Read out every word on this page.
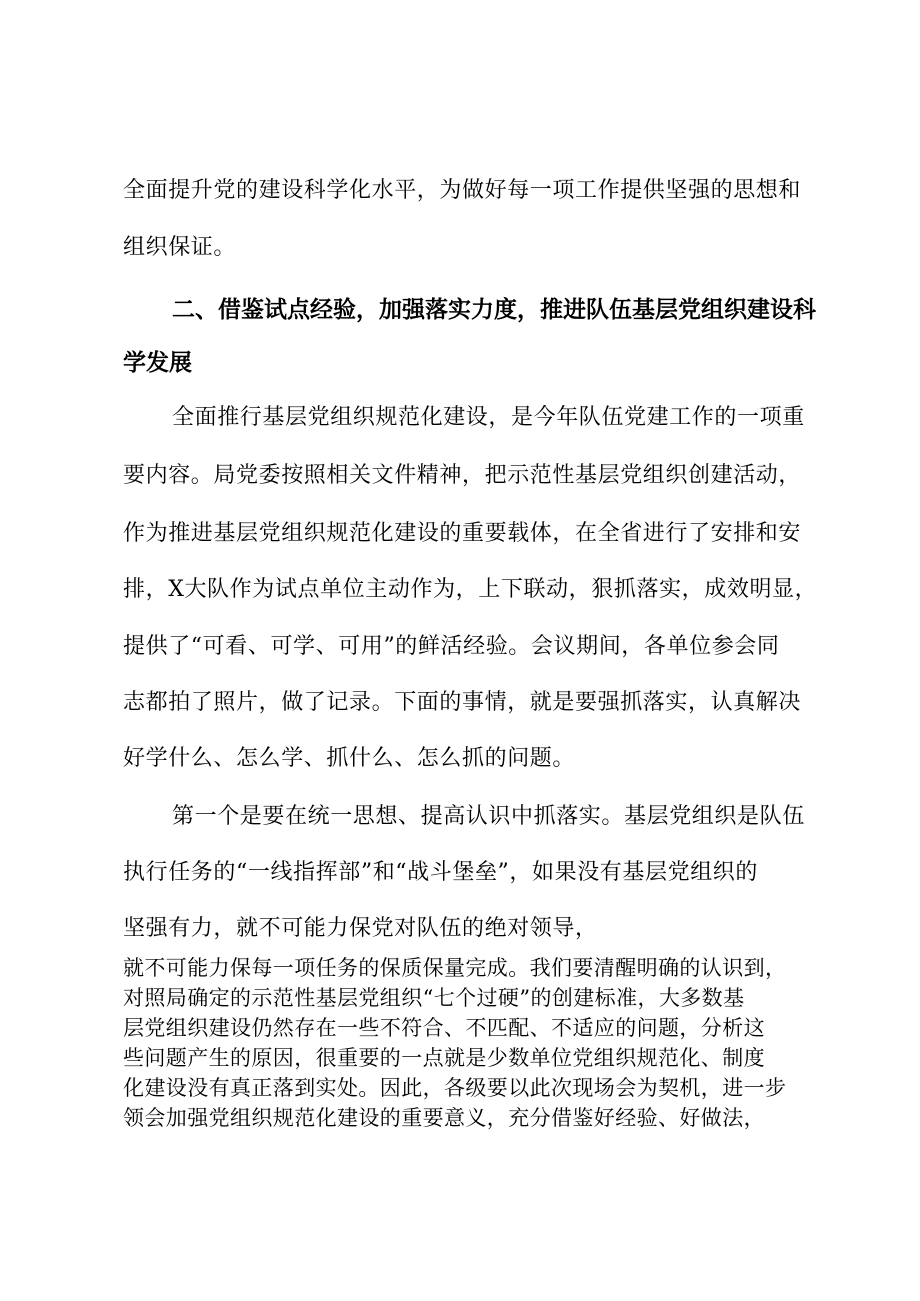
全面提升党的建设科学化水平，为做好每一项工作提供坚强的思想和
组织保证。
二、借鉴试点经验，加强落实力度，推进队伍基层党组织建设科
学发展
全面推行基层党组织规范化建设，是今年队伍党建工作的一项重
要内容。局党委按照相关文件精神，把示范性基层党组织创建活动，
作为推进基层党组织规范化建设的重要载体，在全省进行了安排和安
排，X大队作为试点单位主动作为，上下联动，狠抓落实，成效明显，
提供了“可看、可学、可用”的鲜活经验。会议期间，各单位参会同
志都拍了照片，做了记录。下面的事情，就是要强抓落实，认真解决
好学什么、怎么学、抓什么、怎么抓的问题。
第一个是要在统一思想、提高认识中抓落实。基层党组织是队伍
执行任务的“一线指挥部”和“战斗堡垒”，如果没有基层党组织的
坚强有力，就不可能力保党对队伍的绝对领导，
就不可能力保每一项任务的保质保量完成。我们要清醒明确的认识到，
对照局确定的示范性基层党组织“七个过硬”的创建标准，大多数基
层党组织建设仍然存在一些不符合、不匹配、不适应的问题，分析这
些问题产生的原因，很重要的一点就是少数单位党组织规范化、制度
化建设没有真正落到实处。因此，各级要以此次现场会为契机，进一步
领会加强党组织规范化建设的重要意义，充分借鉴好经验、好做法，
